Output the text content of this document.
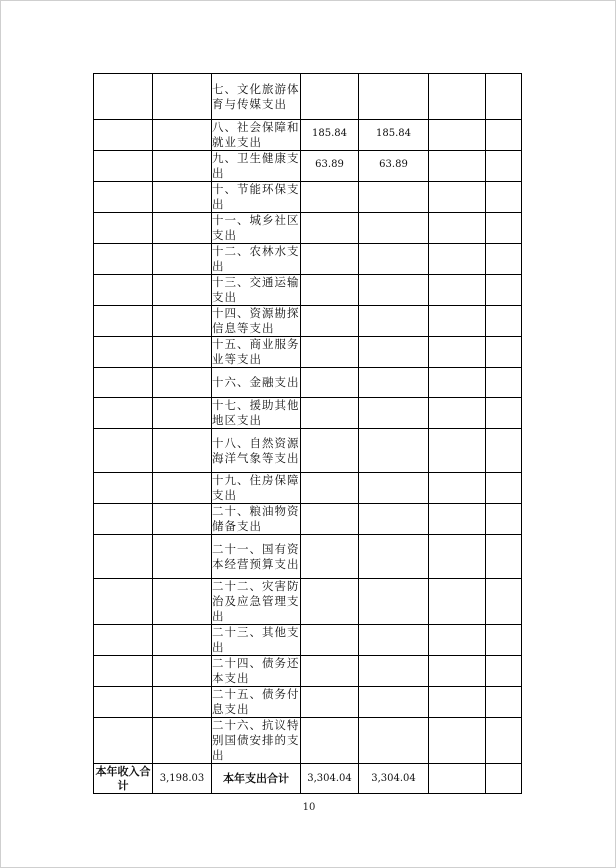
		七、文化旅游体育与传媒支出				
		八、社会保障和就业支出	185.84	185.84		
		九、卫生健康支出	63.89	63.89		
		十、节能环保支出				
		十一、城乡社区支出				
		十二、农林水支出				
		十三、交通运输支出				
		十四、资源勘探信息等支出				
		十五、商业服务业等支出				
		十六、金融支出				
		十七、援助其他地区支出				
		十八、自然资源海洋气象等支出				
		十九、住房保障支出				
		二十、粮油物资储备支出				
		二十一、国有资本经营预算支出				
		二十二、灾害防治及应急管理支出				
		二十三、其他支出				
		二十四、债务还本支出				
		二十五、债务付息支出				
		二十六、抗议特别国债安排的支出				
本年收入合计	3,198.03	本年支出合计	3,304.04	3,304.04		
10
